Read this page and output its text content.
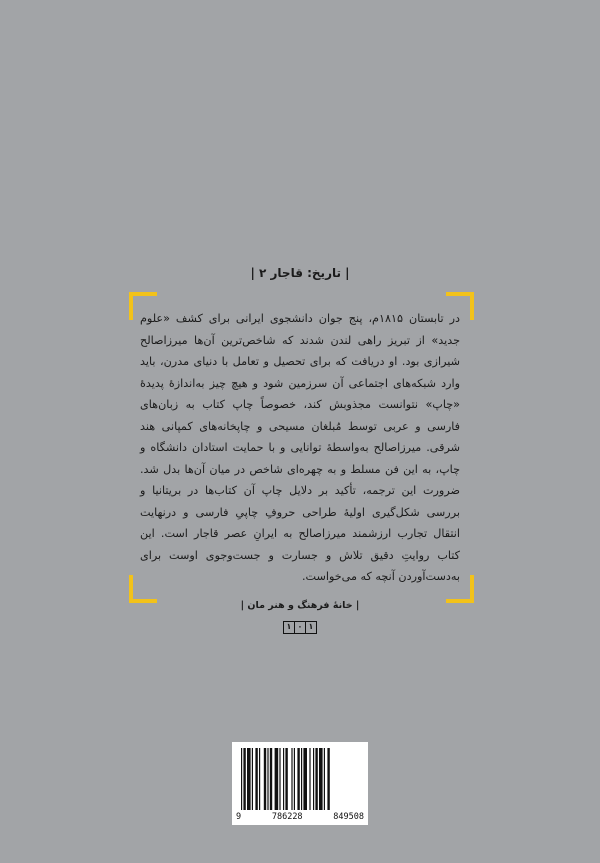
| تاریخ: قاجار ۲ |

در تابستان ۱۸۱۵م، پنج جوان دانشجوی ایرانی برای کشف «علوم جدید» از تبریز راهی لندن شدند که شاخص‌ترین آن‌ها میرزاصالح شیرازی بود. او دریافت که برای تحصیل و تعامل با دنیای مدرن، باید وارد شبکه‌های اجتماعی آن سرزمین شود و هیچ چیز به‌اندازهٔ پدیدهٔ «چاپ» نتوانست مجذوبش کند، خصوصاً چاپ کتاب به زبان‌های فارسی و عربی توسط مُبلغان مسیحی و چاپخانه‌های کمپانی هند شرقی. میرزاصالح به‌واسطهٔ توانایی و با حمایت استادان دانشگاه و چاپ، به این فن مسلط و به چهره‌ای شاخص در میان آن‌ها بدل شد. ضرورت این ترجمه، تأکید بر دلایل چاپ آن کتاب‌ها در بریتانیا و بررسی شکل‌گیری اولیهٔ طراحی حروفِ چاپیِ فارسی و درنهایت انتقال تجارب ارزشمند میرزاصالح به ایرانِ عصر قاجار است. این کتاب روایتِ دقیق تلاش و جسارت و جست‌وجوی اوست برای به‌دست‌آوردن آنچه که می‌خواست.

| خانهٔ فرهنگ و هنر مان |
۱ ۰ ۱
9	786228	849508
